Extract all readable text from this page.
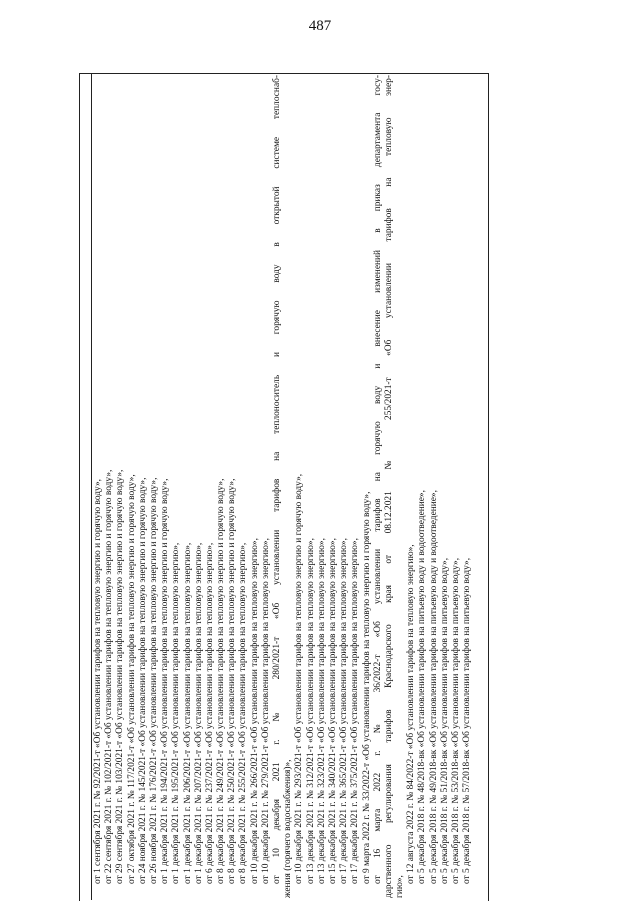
487
от 1 сентября 2021 г. № 92/2021-т «Об установлении тарифов на тепловую энергию и горячую воду», от 22 сентября 2021 г. № 102/2021-т «Об установлении тарифов на тепловую энергию и горячую воду», от 29 сентября 2021 г. № 103/2021-т «Об установлении тарифов на тепловую энергию и горячую воду», от 27 октября 2021 г. № 117/2021-т «Об установлении тарифов на тепловую энергию и горячую воду», от 24 ноября 2021 г. № 145/2021-т «Об установлении тарифов на тепловую энергию и горячую воду», от 26 ноября 2021 г. № 176/2021-т «Об установлении тарифов на тепловую энергию и горячую воду», от 1 декабря 2021 г. № 194/2021-т «Об установлении тарифов на тепловую энергию и горячую воду», от 1 декабря 2021 г. № 195/2021-т «Об установлении тарифов на тепловую энергию», от 1 декабря 2021 г. № 206/2021-т «Об установлении тарифов на тепловую энергию», от 1 декабря 2021 г. № 207/2021-т «Об установлении тарифов на тепловую энергию», от 6 декабря 2021 г. № 237/2021-т «Об установлении тарифов на тепловую энергию», от 8 декабря 2021 г. № 249/2021-т «Об установлении тарифов на тепловую энергию и горячую воду», от 8 декабря 2021 г. № 250/2021-т «Об установлении тарифов на тепловую энергию и горячую воду», от 8 декабря 2021 г. № 255/2021-т «Об установлении тарифов на тепловую энергию», от 10 декабря 2021 г. № 266/2021-т «Об установлении тарифов на тепловую энергию», от 10 декабря 2021 г. № 279/2021-т «Об установлении тарифов на тепловую энергию», от 10 декабря 2021 г. № 280/2021-т «Об установлении тарифов на теплоноситель и горячую воду в открытой системе теплоснаб- жения (горячего водоснабжения)», от 10 декабря 2021 г. № 293/2021-т «Об установлении тарифов на тепловую энергию и горячую воду», от 13 декабря 2021 г. № 312/2021-т «Об установлении тарифов на тепловую энергию», от 13 декабря 2021 г. № 323/2021-т «Об установлении тарифов на тепловую энергию», от 15 декабря 2021 г. № 340/2021-т «Об установлении тарифов на тепловую энергию», от 17 декабря 2021 г. № 365/2021-т «Об установлении тарифов на тепловую энергию», от 17 декабря 2021 г. № 375/2021-т «Об установлении тарифов на тепловую энергию», от 9 марта 2022 г. № 33/2022-т «Об установлении тарифов на тепловую энергию и горячую воду», от 16 марта 2022 г. № 36/2022-т «Об установлении тарифов на горячую воду и внесение изменений в приказ департамента госу- дарственного регулирования тарифов Краснодарского края от 08.12.2021 № 255/2021-т «Об установлении тарифов на тепловую энер- гию»,
от 12 августа 2022 г. № 84/2022-т «Об установлении тарифов на тепловую энергию», от 5 декабря 2018 г. № 48/2018-вк «Об установлении тарифов на питьевую воду и водоотведение», от 5 декабря 2018 г. № 49/2018-вк «Об установлении тарифов на питьевую воду и водоотведение», от 5 декабря 2018 г. № 51/2018-вк «Об установлении тарифов на питьевую воду», от 5 декабря 2018 г. № 53/2018-вк «Об установлении тарифов на питьевую воду», от 5 декабря 2018 г. № 57/2018-вк «Об установлении тарифов на питьевую воду»,
